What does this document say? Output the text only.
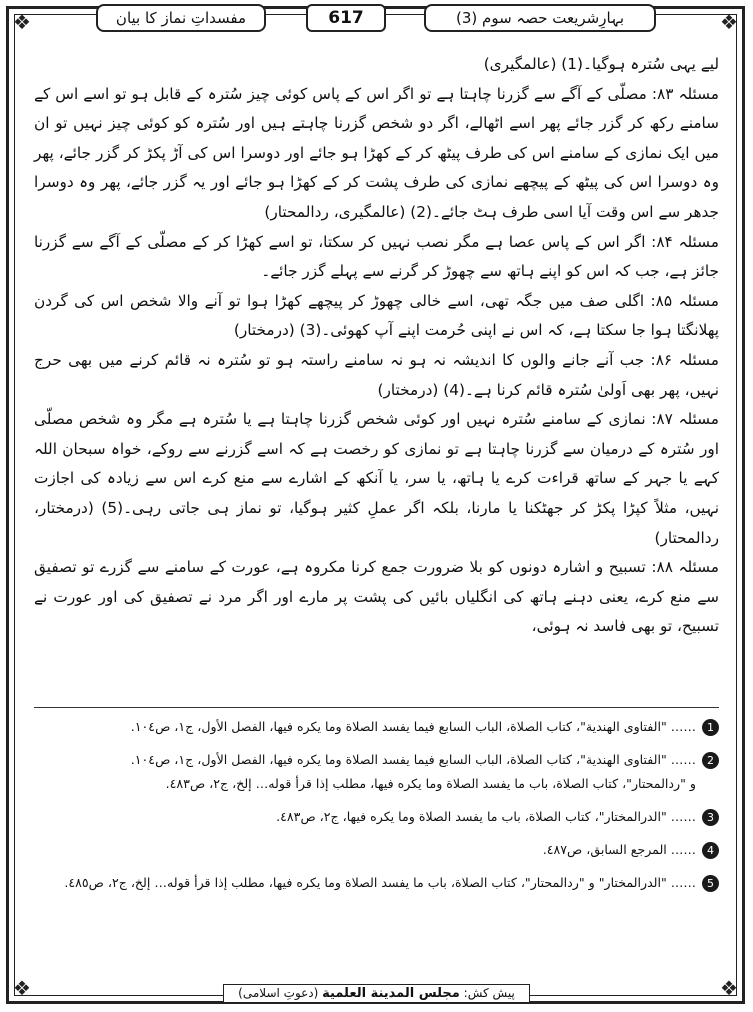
❖	❖
❖	❖
بہارِشریعت حصہ سوم (3)
617
مفسداتِ نماز کا بیان

لیے یہی سُترہ ہوگیا۔(1) (عالمگیری)

مسئلہ ۸۳: مصلّی کے آگے سے گزرنا چاہتا ہے تو اگر اس کے پاس کوئی چیز سُترہ کے قابل ہو تو اسے اس کے سامنے رکھ کر گزر جائے پھر اسے اٹھالے، اگر دو شخص گزرنا چاہتے ہیں اور سُترہ کو کوئی چیز نہیں تو ان میں ایک نمازی کے سامنے اس کی طرف پیٹھ کر کے کھڑا ہو جائے اور دوسرا اس کی آڑ پکڑ کر گزر جائے، پھر وہ دوسرا اس کی پیٹھ کے پیچھے نمازی کی طرف پشت کر کے کھڑا ہو جائے اور یہ گزر جائے، پھر وہ دوسرا جدھر سے اس وقت آیا اسی طرف ہٹ جائے۔(2) (عالمگیری، ردالمحتار)

مسئلہ ۸۴: اگر اس کے پاس عصا ہے مگر نصب نہیں کر سکتا، تو اسے کھڑا کر کے مصلّی کے آگے سے گزرنا جائز ہے، جب کہ اس کو اپنے ہاتھ سے چھوڑ کر گرنے سے پہلے گزر جائے۔

مسئلہ ۸۵: اگلی صف میں جگہ تھی، اسے خالی چھوڑ کر پیچھے کھڑا ہوا تو آنے والا شخص اس کی گردن پھلانگتا ہوا جا سکتا ہے، کہ اس نے اپنی حُرمت اپنے آپ کھوئی۔(3) (درمختار)

مسئلہ ۸۶: جب آنے جانے والوں کا اندیشہ نہ ہو نہ سامنے راستہ ہو تو سُترہ نہ قائم کرنے میں بھی حرج نہیں، پھر بھی اَولیٰ سُترہ قائم کرنا ہے۔(4) (درمختار)

مسئلہ ۸۷: نمازی کے سامنے سُترہ نہیں اور کوئی شخص گزرنا چاہتا ہے یا سُترہ ہے مگر وہ شخص مصلّی اور سُترہ کے درمیان سے گزرنا چاہتا ہے تو نمازی کو رخصت ہے کہ اسے گزرنے سے روکے، خواہ سبحان اللہ کہے یا جہر کے ساتھ قراءت کرے یا ہاتھ، یا سر، یا آنکھ کے اشارے سے منع کرے اس سے زیادہ کی اجازت نہیں، مثلاً کپڑا پکڑ کر جھٹکنا یا مارنا، بلکہ اگر عملِ کثیر ہوگیا، تو نماز ہی جاتی رہی۔(5) (درمختار، ردالمحتار)

مسئلہ ۸۸: تسبیح و اشارہ دونوں کو بلا ضرورت جمع کرنا مکروہ ہے، عورت کے سامنے سے گزرے تو تصفیق سے منع کرے، یعنی دہنے ہاتھ کی انگلیاں بائیں کی پشت پر مارے اور اگر مرد نے تصفیق کی اور عورت نے تسبیح، تو بھی فاسد نہ ہوئی،

1
…… "الفتاوی الهندية"، كتاب الصلاة، الباب السابع فيما يفسد الصلاة وما يكره فيها، الفصل الأول، ج١، ص١٠٤.
2
…… "الفتاوی الهندية"، كتاب الصلاة، الباب السابع فيما يفسد الصلاة وما يكره فيها، الفصل الأول، ج١، ص١٠٤.
و "ردالمحتار"، كتاب الصلاة، باب ما يفسد الصلاة وما يكره فيها، مطلب إذا قرأ قوله… إلخ، ج٢، ص٤٨٣.
3
…… "الدرالمختار"، كتاب الصلاة، باب ما يفسد الصلاة وما يكره فيها، ج٢، ص٤٨٣.
4
…… المرجع السابق، ص٤٨٧.
5
…… "الدرالمختار" و "ردالمحتار"، كتاب الصلاة، باب ما يفسد الصلاة وما يكره فيها، مطلب إذا قرأ قوله… إلخ، ج٢، ص٤٨٥.
پیش کش: مجلس المدينة العلمية (دعوتِ اسلامی)
